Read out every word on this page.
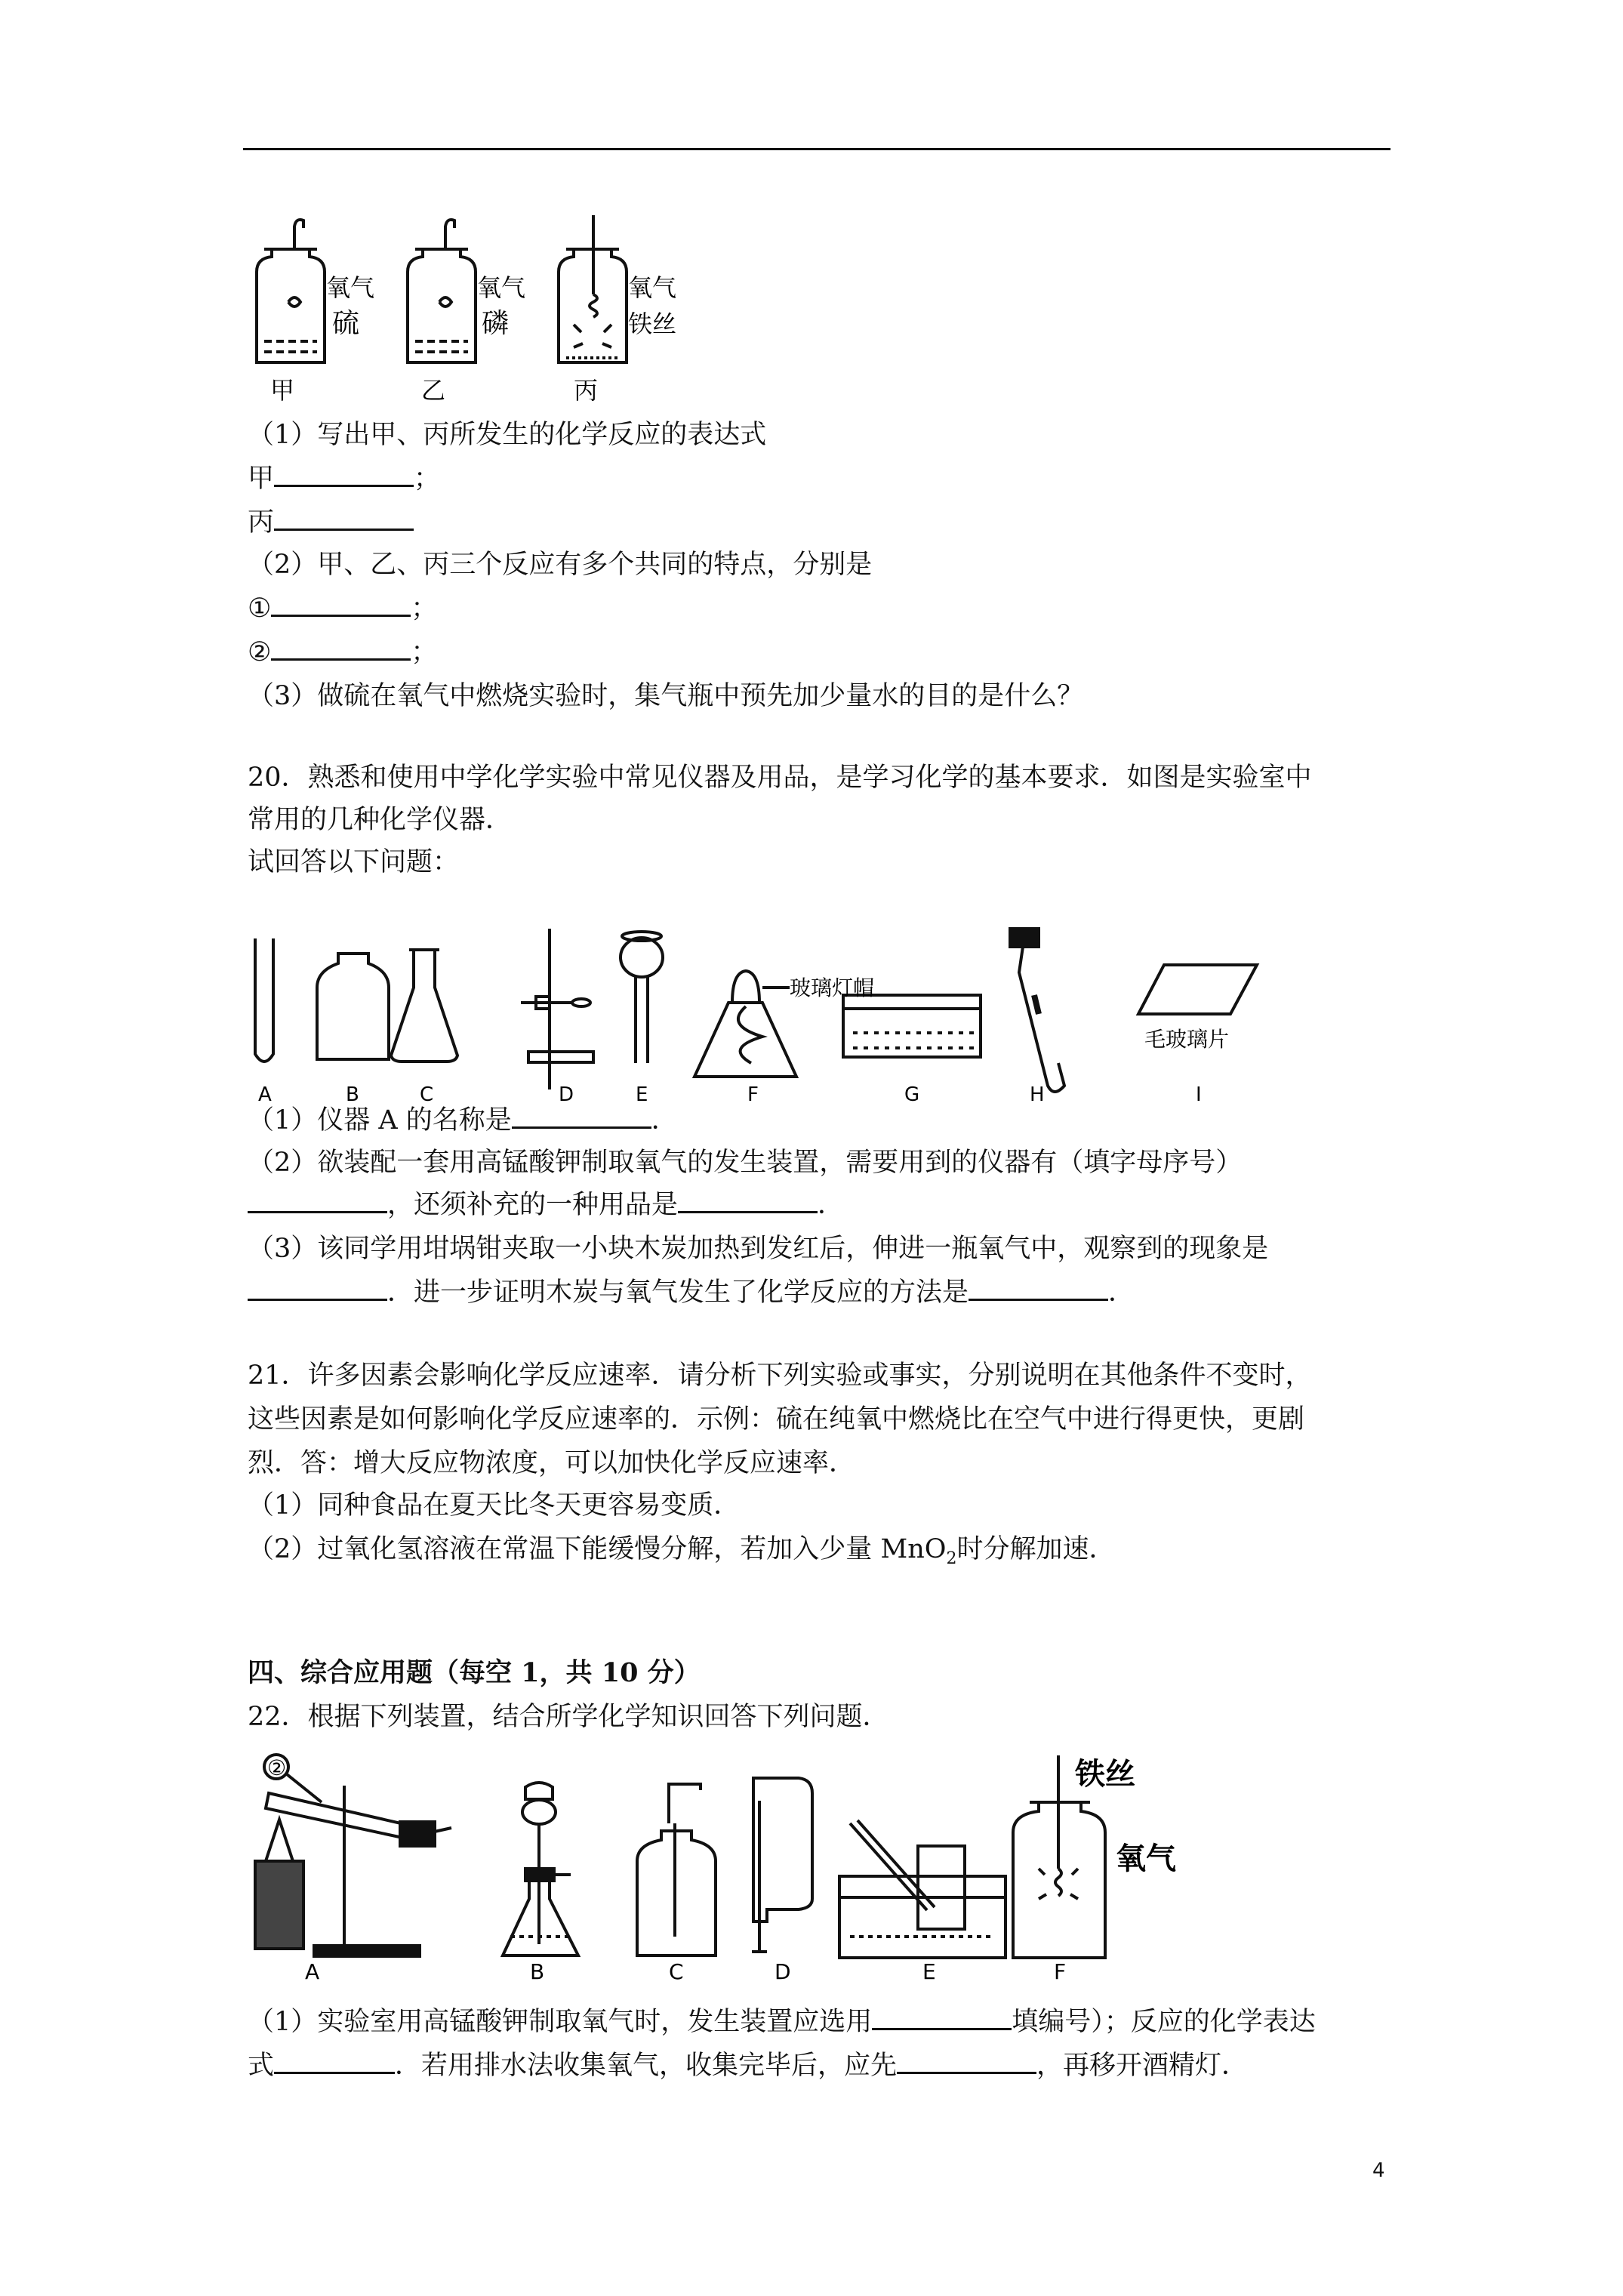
氧气
硫
氧气
磷
氧气
铁丝
甲	乙	丙
（1）写出甲、丙所发生的化学反应的表达式
甲	；
丙
（2）甲、乙、丙三个反应有多个共同的特点，分别是
①	；
②	；
（3）做硫在氧气中燃烧实验时，集气瓶中预先加少量水的目的是什么？
20．熟悉和使用中学化学实验中常见仪器及用品，是学习化学的基本要求．如图是实验室中
常用的几种化学仪器．
试回答以下问题：
玻璃灯帽
毛玻璃片
A	B	C	D	E	F	G	H	I
（1）仪器 A 的名称是	．
（2）欲装配一套用高锰酸钾制取氧气的发生装置，需要用到的仪器有（填字母序号）
，还须补充的一种用品是	．
（3）该同学用坩埚钳夹取一小块木炭加热到发红后，伸进一瓶氧气中，观察到的现象是
．进一步证明木炭与氧气发生了化学反应的方法是	．
21．许多因素会影响化学反应速率．请分析下列实验或事实，分别说明在其他条件不变时，
这些因素是如何影响化学反应速率的．示例：硫在纯氧中燃烧比在空气中进行得更快，更剧
烈．答：增大反应物浓度，可以加快化学反应速率．
（1）同种食品在夏天比冬天更容易变质．
（2）过氧化氢溶液在常温下能缓慢分解，若加入少量 MnO$_2$时分解加速．
四、综合应用题（每空 1，共 10 分）
22．根据下列装置，结合所学化学知识回答下列问题．
②	铁丝
氧气
A	B	C	D	E	F
（1）实验室用高锰酸钾制取氧气时，发生装置应选用	填编号）；反应的化学表达
式	．若用排水法收集氧气，收集完毕后，应先	，再移开酒精灯．
4
